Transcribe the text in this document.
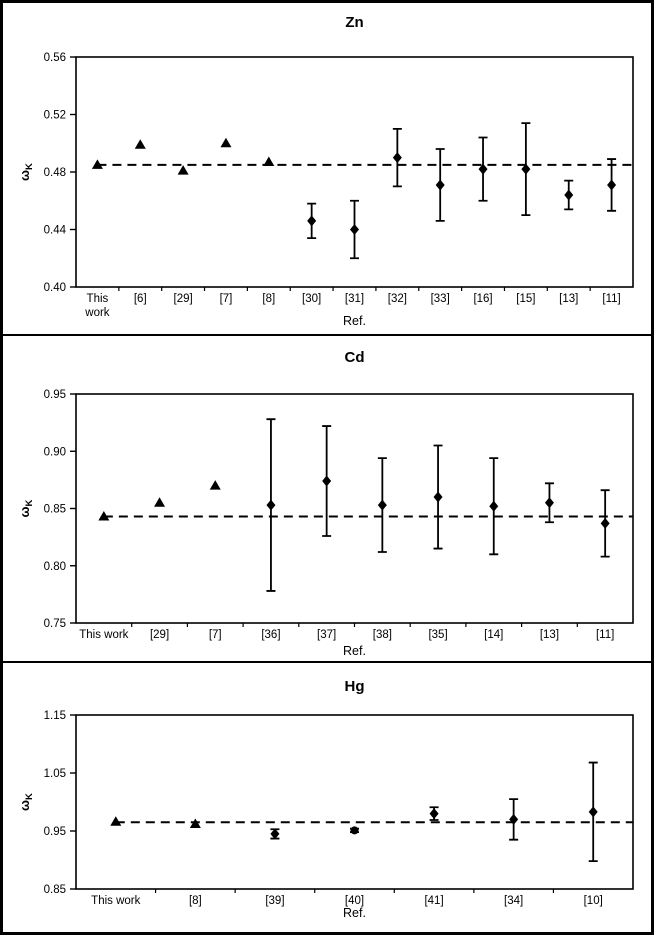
Zn
0.40
0.44
0.48
0.52
0.56
$\omega_K$
This
work
[6] [29] [7]	[8] [30] [31] [32] [33] [16] [15] [13] [11]
Ref.
Cd
0.75
0.80
0.85
0.90
0.95
$\omega_K$
This work [29]	[7]	[36]	[37]	[38]	[35]	[14]	[13]	[11]
Ref.
Hg
0.85
0.95
1.05
1.15
$\omega_K$
This work	[8]	[39]	[40]	[41]	[34]	[10]
Ref.
